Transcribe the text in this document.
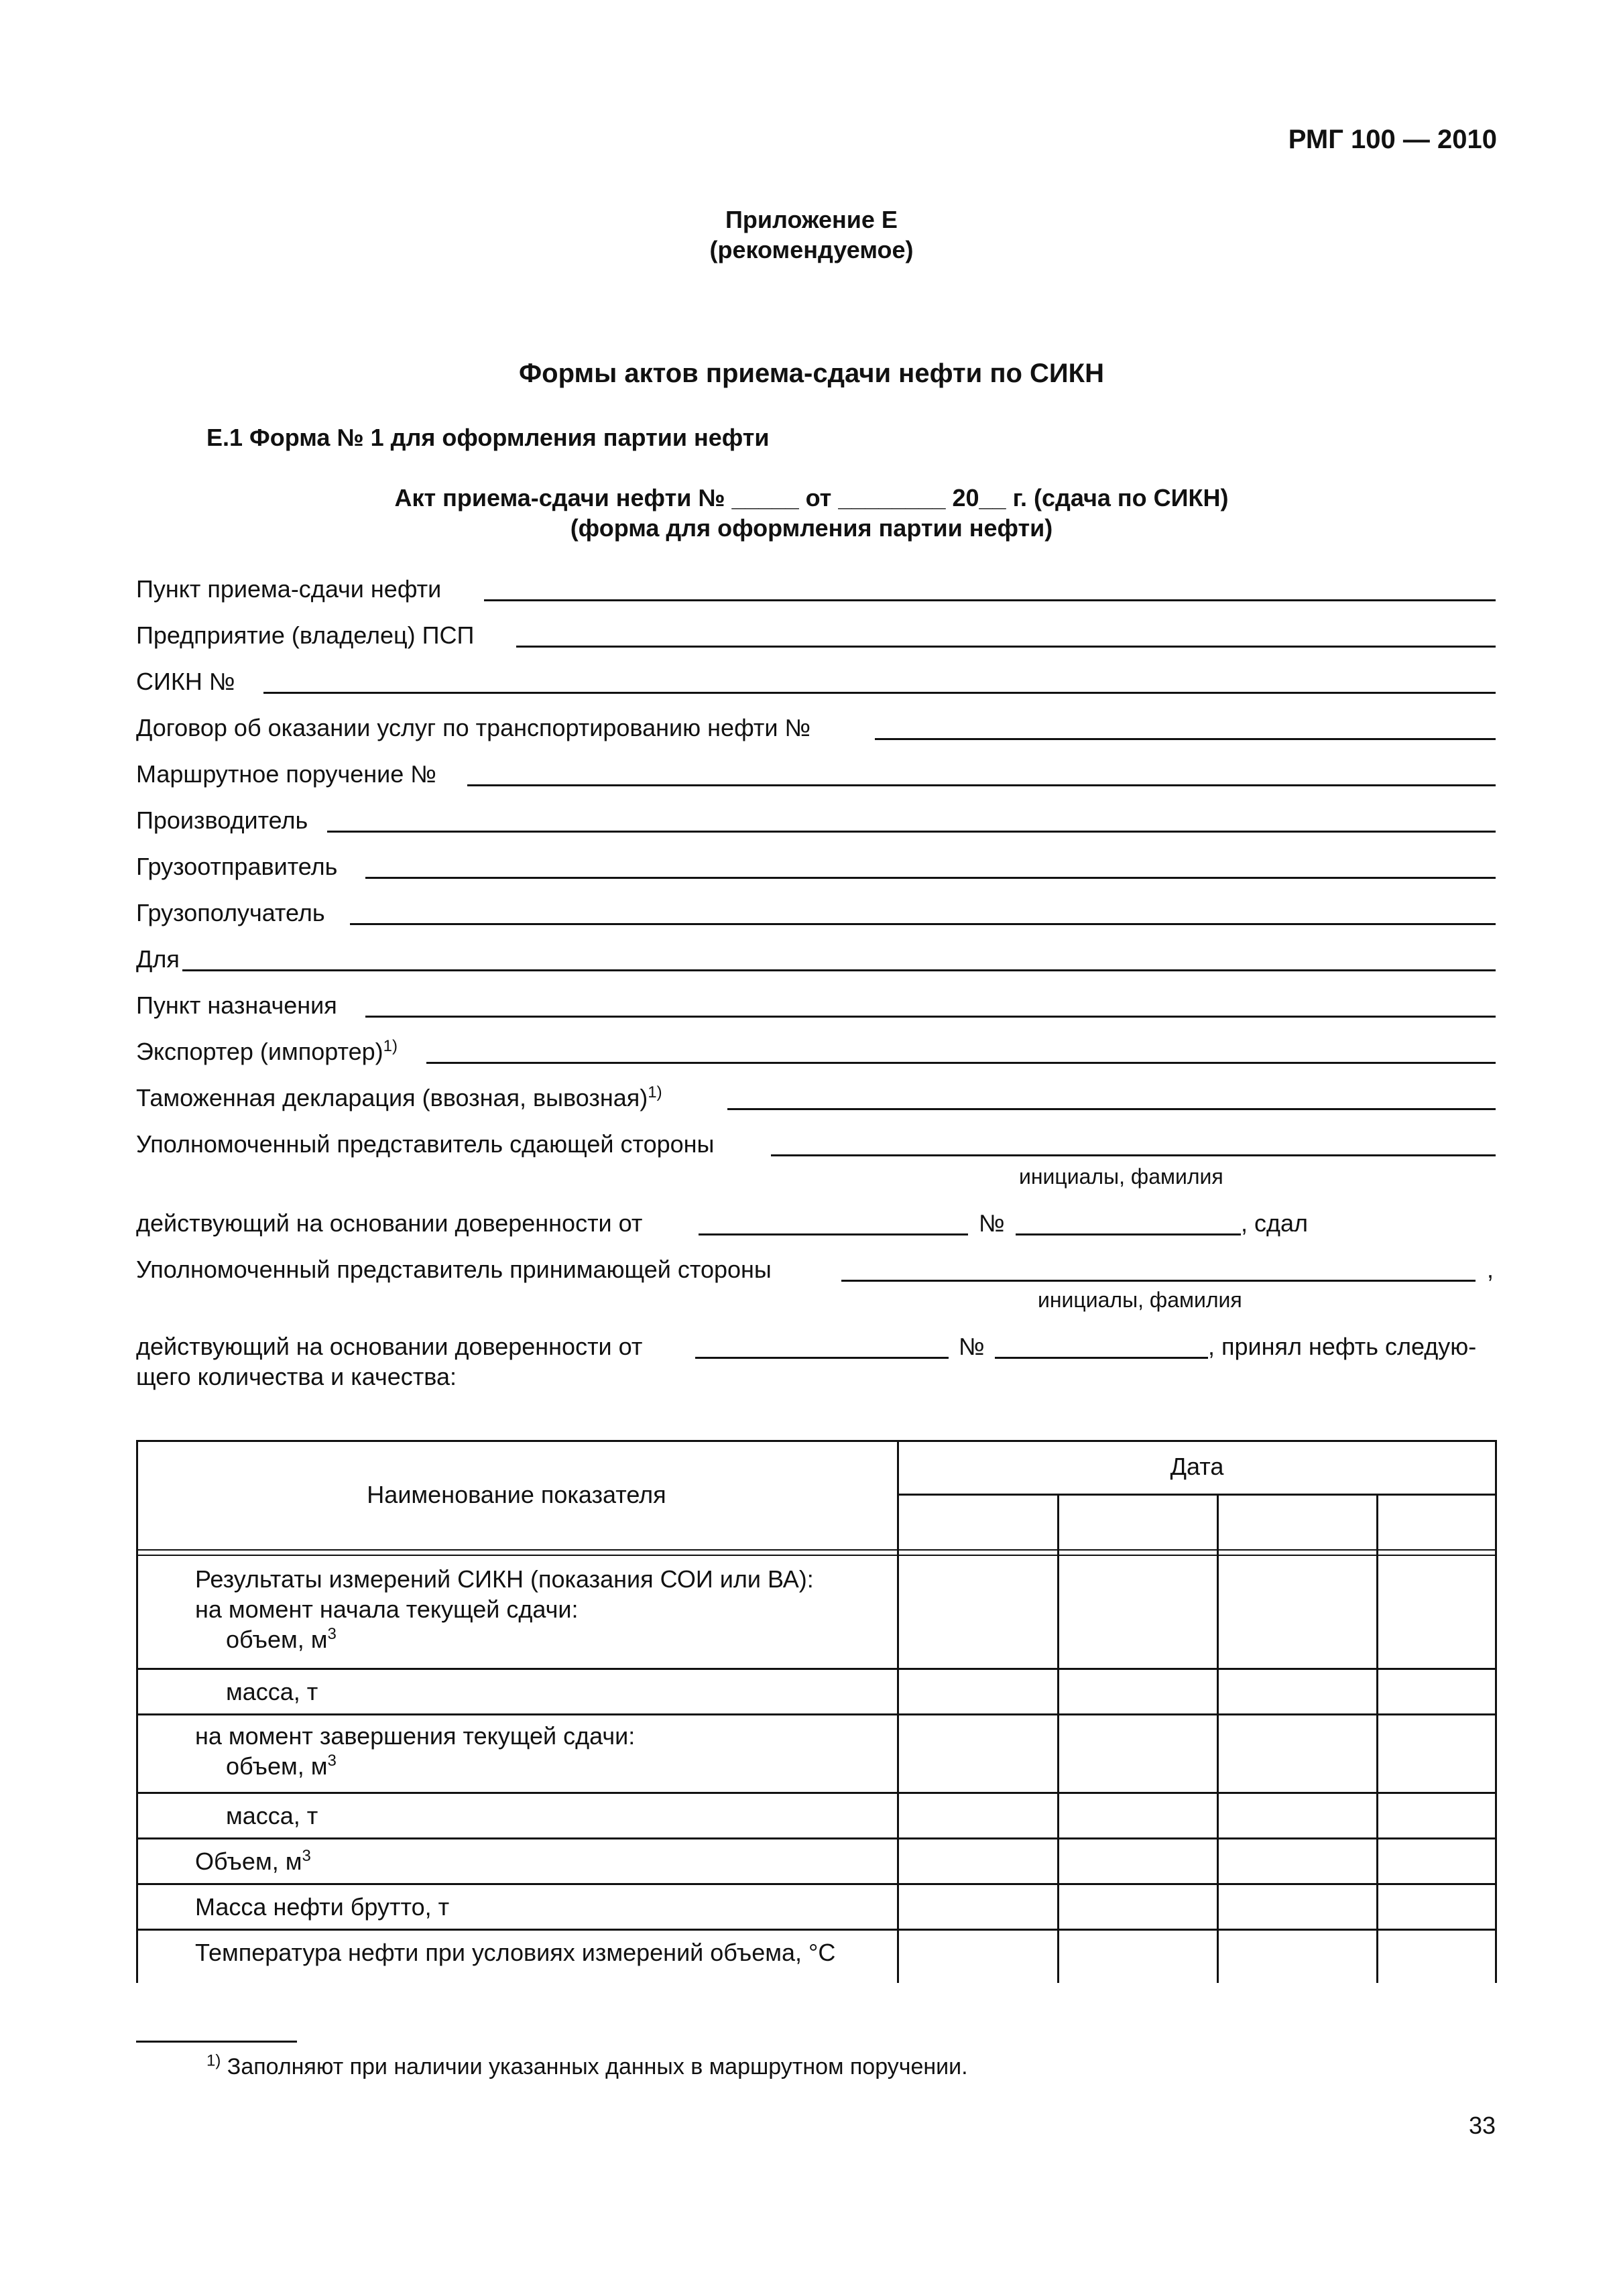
РМГ 100 — 2010
Приложение Е
(рекомендуемое)
Формы актов приема-сдачи нефти по СИКН
Е.1 Форма № 1 для оформления партии нефти
Акт приема-сдачи нефти № _____ от ________ 20__ г. (сдача по СИКН)
(форма для оформления партии нефти)
Пункт приема-сдачи нефти
Предприятие (владелец) ПСП
СИКН №
Договор об оказании услуг по транспортированию нефти №
Маршрутное поручение №
Производитель
Грузоотправитель
Грузополучатель
Для
Пункт назначения
Экспортер (импортер)$^{1)}$
Таможенная декларация (ввозная, вывозная)$^{1)}$
Уполномоченный представитель сдающей стороны
инициалы, фамилия
действующий на основании доверенности от	№	, сдал
Уполномоченный представитель принимающей стороны	,
инициалы, фамилия
действующий на основании доверенности от	№	, принял нефть следую-
щего количества и качества:
Наименование показателя
Дата
Результаты измерений СИКН (показания СОИ или ВА):
на момент начала текущей сдачи:
объем, $м^3$
масса, т
на момент завершения текущей сдачи:
объем, $м^3$
масса, т
Объем, $м^3$
Масса нефти брутто, т
Температура нефти при условиях измерений объема, °С
$^{1)}$ Заполняют при наличии указанных данных в маршрутном поручении.
33
